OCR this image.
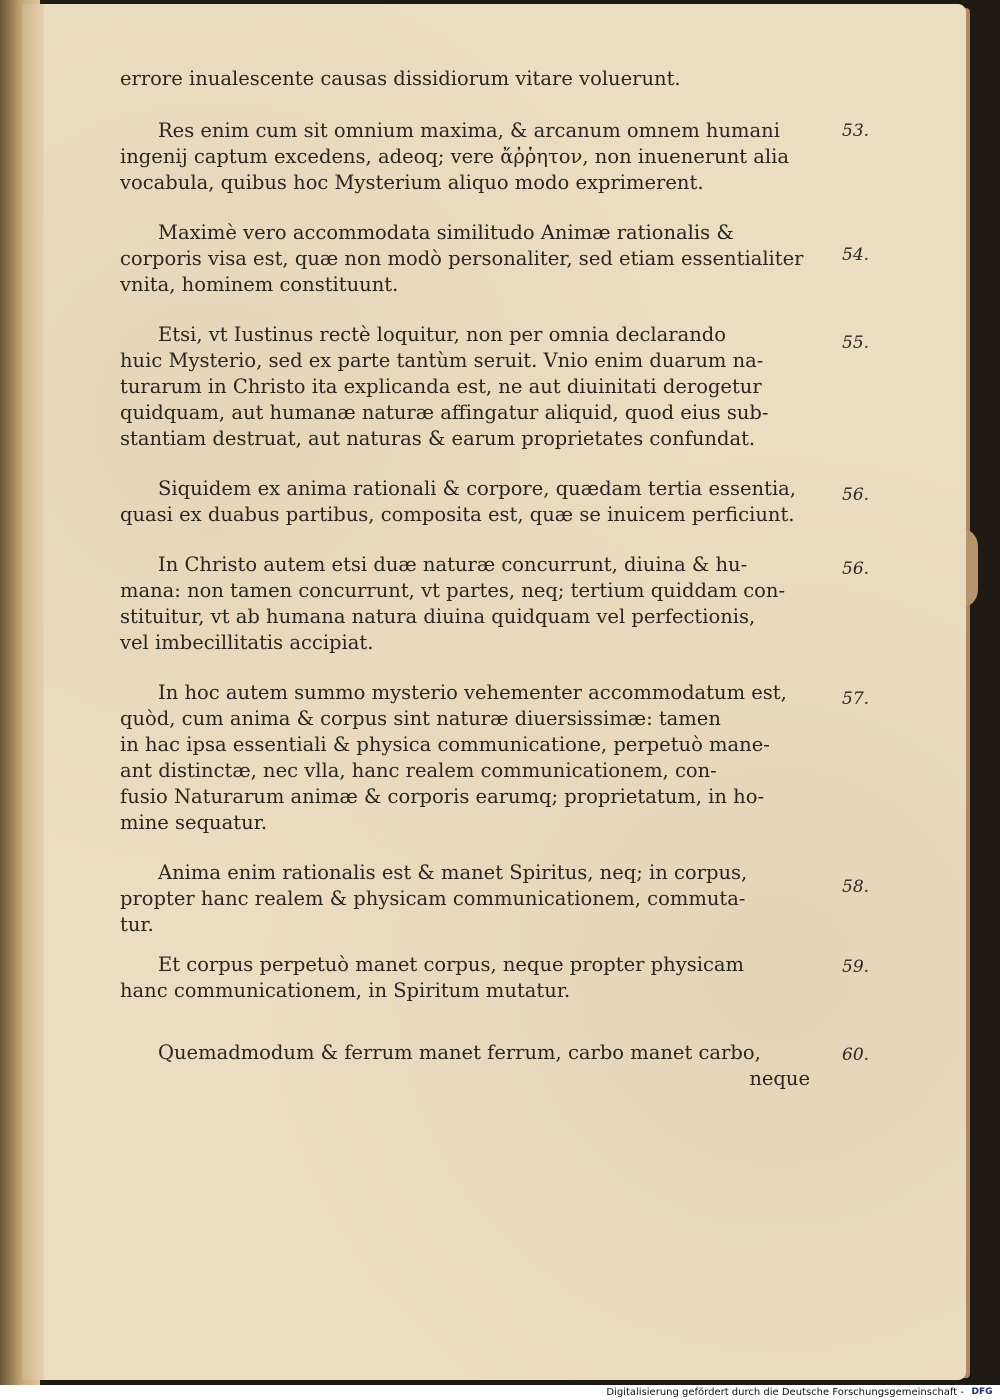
errore inualescente causas dissidiorum vitare voluerunt.
53.
Res enim cum sit omnium maxima, & arcanum omnem humani
ingenij captum excedens, adeoq; vere ἄῤῥητον, non inuenerunt alia
vocabula, quibus hoc Mysterium aliquo modo exprimerent.
54.
Maximè vero accommodata similitudo Animæ rationalis &
corporis visa est, quæ non modò personaliter, sed etiam essentialiter
vnita, hominem constituunt.
55.
Etsi, vt Iustinus rectè loquitur, non per omnia declarando
huic Mysterio, sed ex parte tantùm seruit. Vnio enim duarum na-
turarum in Christo ita explicanda est, ne aut diuinitati derogetur
quidquam, aut humanæ naturæ affingatur aliquid, quod eius sub-
stantiam destruat, aut naturas & earum proprietates confundat.
56.
Siquidem ex anima rationali & corpore, quædam tertia essentia,
quasi ex duabus partibus, composita est, quæ se inuicem perficiunt.
56.
In Christo autem etsi duæ naturæ concurrunt, diuina & hu-
mana: non tamen concurrunt, vt partes, neq; tertium quiddam con-
stituitur, vt ab humana natura diuina quidquam vel perfectionis,
vel imbecillitatis accipiat.
57.
In hoc autem summo mysterio vehementer accommodatum est,
quòd, cum anima & corpus sint naturæ diuersissimæ: tamen
in hac ipsa essentiali & physica communicatione, perpetuò mane-
ant distinctæ, nec vlla, hanc realem communicationem, con-
fusio Naturarum animæ & corporis earumq; proprietatum, in ho-
mine sequatur.
58.
Anima enim rationalis est & manet Spiritus, neq; in corpus,
propter hanc realem & physicam communicationem, commuta-
tur.
59.
Et corpus perpetuò manet corpus, neque propter physicam
hanc communicationem, in Spiritum mutatur.
60.
Quemadmodum & ferrum manet ferrum, carbo manet carbo,
neque
Digitalisierung gefördert durch die Deutsche Forschungsgemeinschaft - DFG
